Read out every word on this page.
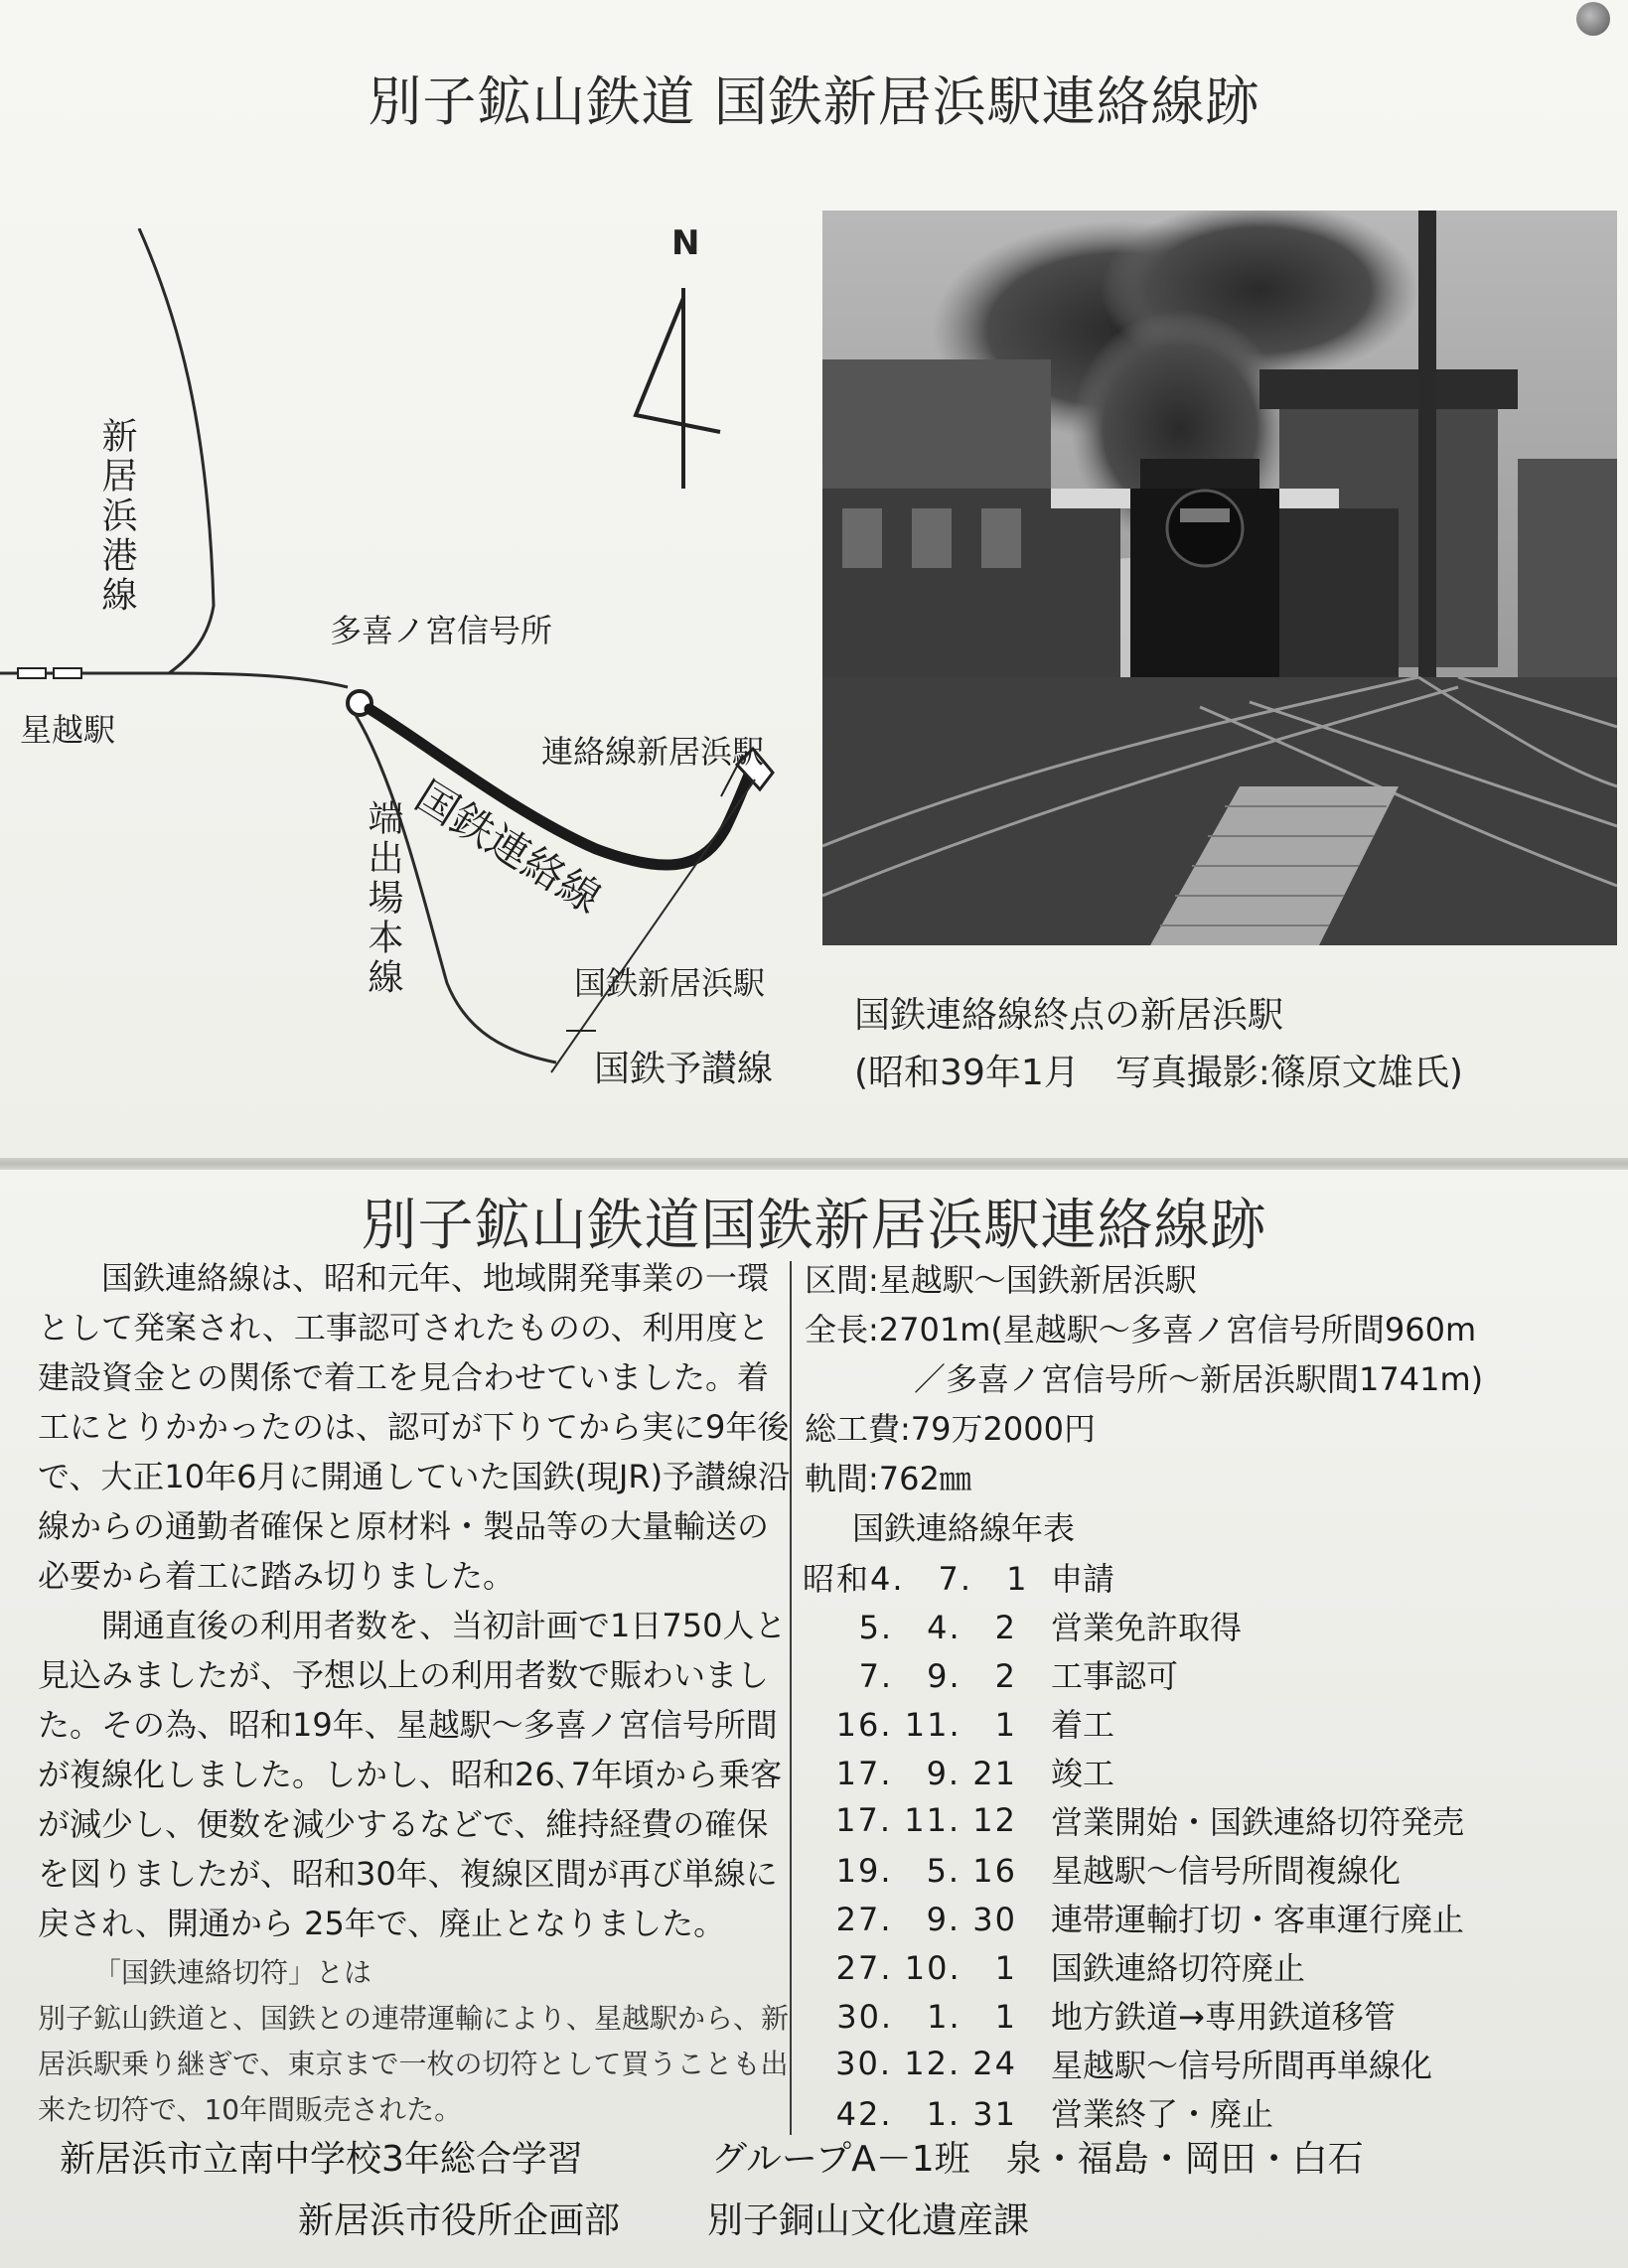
別子鉱山鉄道 国鉄新居浜駅連絡線跡
N
新居浜港線
多喜ノ宮信号所
星越駅
連絡線新居浜駅
国鉄連絡線
端出場本線	国鉄新居浜駅
国鉄予讃線
国鉄連絡線終点の新居浜駅
(昭和39年1月　写真撮影:篠原文雄氏)
別子鉱山鉄道国鉄新居浜駅連絡線跡

国鉄連絡線は、昭和元年、地域開発事業の一環として発案され、工事認可されたものの、利用度と建設資金との関係で着工を見合わせていました。着工にとりかかったのは、認可が下りてから実に9年後で、大正10年6月に開通していた国鉄(現JR)予讃線沿線からの通勤者確保と原材料・製品等の大量輸送の必要から着工に踏み切りました。

開通直後の利用者数を、当初計画で1日750人と見込みましたが、予想以上の利用者数で賑わいました。その為、昭和19年、星越駅〜多喜ノ宮信号所間が複線化しました。しかし、昭和26､7年頃から乗客が減少し、便数を減少するなどで、維持経費の確保を図りましたが、昭和30年、複線区間が再び単線に戻され、開通から 25年で、廃止となりました。

「国鉄連絡切符」とは
別子鉱山鉄道と、国鉄との連帯運輸により、星越駅から、新居浜駅乗り継ぎで、東京まで一枚の切符として買うことも出来た切符で、10年間販売された。
区間:星越駅〜国鉄新居浜駅
全長:2701m(星越駅〜多喜ノ宮信号所間960m
／多喜ノ宮信号所〜新居浜駅間1741m)
総工費:79万2000円
軌間:762㎜
国鉄連絡線年表
昭和4.　7.　1 申請
5.　4.　2	営業免許取得
7.　9.　2	工事認可
16. 11.　1	着工
17.　9. 21	竣工
17. 11. 12	営業開始・国鉄連絡切符発売
19.　5. 16	星越駅〜信号所間複線化
27.　9. 30	連帯運輸打切・客車運行廃止
27. 10.　1	国鉄連絡切符廃止
30.　1.　1	地方鉄道→専用鉄道移管
30. 12. 24	星越駅〜信号所間再単線化
42.　1. 31	営業終了・廃止
新居浜市立南中学校3年総合学習	グループA－1班　泉・福島・岡田・白石
新居浜市役所企画部 別子銅山文化遺産課
